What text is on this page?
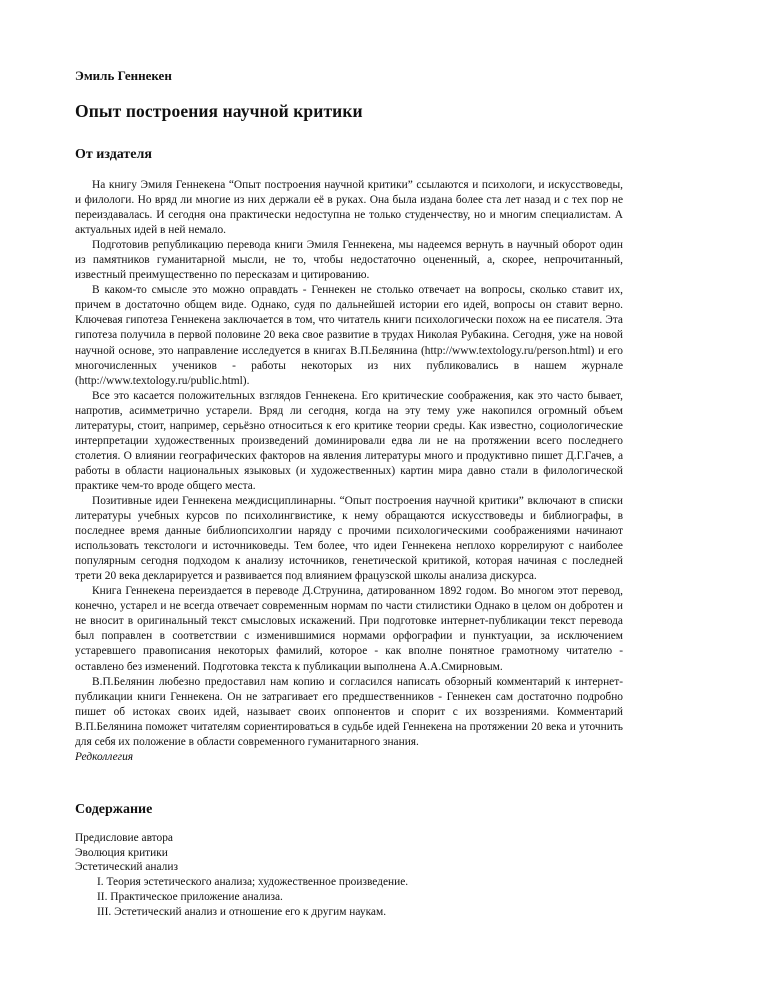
Эмиль Геннекен
Опыт построения научной критики
От издателя

На книгу Эмиля Геннекена “Опыт построения научной критики” ссылаются и психологи, и искусствоведы, и филологи. Но вряд ли многие из них держали её в руках. Она была издана более ста лет назад и с тех пор не переиздавалась. И сегодня она практически недоступна не только студенчеству, но и многим специалистам. А актуальных идей в ней немало.

Подготовив републикацию перевода книги Эмиля Геннекена, мы надеемся вернуть в научный оборот один из памятников гуманитарной мысли, не то, чтобы недостаточно оцененный, а, скорее, непрочитанный, известный преимущественно по пересказам и цитированию.

В каком-то смысле это можно оправдать - Геннекен не столько отвечает на вопросы, сколько ставит их, причем в достаточно общем виде. Однако, судя по дальнейшей истории его идей, вопросы он ставит верно. Ключевая гипотеза Геннекена заключается в том, что читатель книги психологически похож на ее писателя. Эта гипотеза получила в первой половине 20 века свое развитие в трудах Николая Рубакина. Сегодня, уже на новой научной основе, это направление исследуется в книгах В.П.Белянина (http://www.textology.ru/person.html) и его многочисленных учеников - работы некоторых из них публиковались в нашем журнале (http://www.textology.ru/public.html).

Все это касается положительных взглядов Геннекена. Его критические соображения, как это часто бывает, напротив, асимметрично устарели. Вряд ли сегодня, когда на эту тему уже накопился огромный объем литературы, стоит, например, серьёзно относиться к его критике теории среды. Как известно, социологические интерпретации художественных произведений доминировали едва ли не на протяжении всего последнего столетия. О влиянии географических факторов на явления литературы много и продуктивно пишет Д.Г.Гачев, а работы в области национальных языковых (и художественных) картин мира давно стали в филологической практике чем-то вроде общего места.

Позитивные идеи Геннекена междисциплинарны. “Опыт построения научной критики” включают в списки литературы учебных курсов по психолингвистике, к нему обращаются искусствоведы и библиографы, в последнее время данные библиопсихолгии наряду с прочими психологическими соображениями начинают использовать текстологи и источниковеды. Тем более, что идеи Геннекена неплохо коррелируют с наиболее популярным сегодня подходом к анализу источников, генетической критикой, которая начиная с последней трети 20 века декларируется и развивается под влиянием фрацузской школы анализа дискурса.

Книга Геннекена переиздается в переводе Д.Струнина, датированном 1892 годом. Во многом этот перевод, конечно, устарел и не всегда отвечает современным нормам по части стилистики Однако в целом он добротен и не вносит в оригинальный текст смысловых искажений. При подготовке интернет-публикации текст перевода был поправлен в соответствии с изменившимися нормами орфографии и пунктуации, за исключением устаревшего правописания некоторых фамилий, которое - как вполне понятное грамотному читателю - оставлено без изменений. Подготовка текста к публикации выполнена А.А.Смирновым.

В.П.Белянин любезно предоставил нам копию и согласился написать обзорный комментарий к интернет-публикации книги Геннекена. Он не затрагивает его предшественников - Геннекен сам достаточно подробно пишет об истоках своих идей, называет своих оппонентов и спорит с их воззрениями. Комментарий В.П.Белянина поможет читателям сориентироваться в судьбе идей Геннекена на протяжении 20 века и уточнить для себя их положение в области современного гуманитарного знания.

Редколлегия
Содержание
Предисловие автора
Эволюция критики
Эстетический анализ
I. Теория эстетического анализа; художественное произведение.
II. Практическое приложение анализа.
III. Эстетический анализ и отношение его к другим наукам.
